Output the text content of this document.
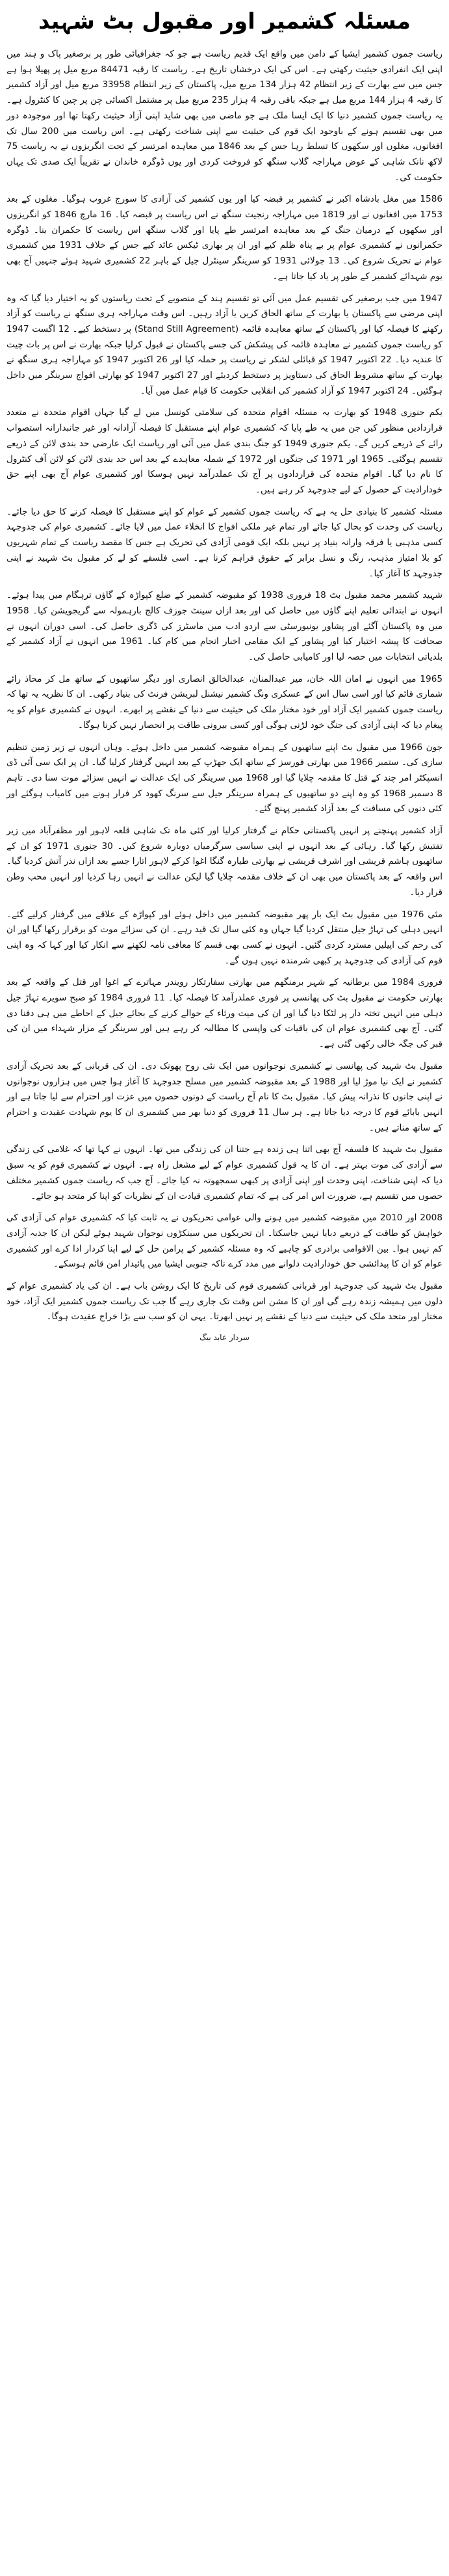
مسئلہ کشمیر اور مقبول بٹ شہید

ریاست جموں کشمیر ایشیا کے دامن میں واقع ایک قدیم ریاست ہے جو کہ جغرافیائی طور پر برصغیر پاک و ہند میں اپنی ایک انفرادی حیثیت رکھتی ہے۔ اس کی ایک درخشاں تاریخ ہے۔ ریاست کا رقبہ 84471 مربع میل پر پھیلا ہوا ہے جس میں سے بھارت کے زیر انتظام 42 ہزار 134 مربع میل، پاکستان کے زیر انتظام 33958 مربع میل اور آزاد کشمیر کا رقبہ 4 ہزار 144 مربع میل ہے جبکہ باقی رقبہ 4 ہزار 235 مربع میل پر مشتمل اکسائی چن پر چین کا کنٹرول ہے۔ یہ ریاست جموں کشمیر دنیا کا ایک ایسا ملک ہے جو ماضی میں بھی شاید اپنی آزاد حیثیت رکھتا تھا اور موجودہ دور میں بھی تقسیم ہونے کے باوجود ایک قوم کی حیثیت سے اپنی شناخت رکھتی ہے۔ اس ریاست میں 200 سال تک افغانوں، مغلوں اور سکھوں کا تسلط رہا جس کے بعد 1846 میں معاہدہ امرتسر کے تحت انگریزوں نے یہ ریاست 75 لاکھ نانک شاہی کے عوض مہاراجہ گلاب سنگھ کو فروخت کردی اور یوں ڈوگرہ خاندان نے تقریباً ایک صدی تک یہاں حکومت کی۔

1586 میں مغل بادشاہ اکبر نے کشمیر پر قبضہ کیا اور یوں کشمیر کی آزادی کا سورج غروب ہوگیا۔ مغلوں کے بعد 1753 میں افغانوں نے اور 1819 میں مہاراجہ رنجیت سنگھ نے اس ریاست پر قبضہ کیا۔ 16 مارچ 1846 کو انگریزوں اور سکھوں کے درمیان جنگ کے بعد معاہدہ امرتسر طے پایا اور گلاب سنگھ اس ریاست کا حکمران بنا۔ ڈوگرہ حکمرانوں نے کشمیری عوام پر بے پناہ ظلم کیے اور ان پر بھاری ٹیکس عائد کیے جس کے خلاف 1931 میں کشمیری عوام نے تحریک شروع کی۔ 13 جولائی 1931 کو سرینگر سینٹرل جیل کے باہر 22 کشمیری شہید ہوئے جنہیں آج بھی یوم شہدائے کشمیر کے طور پر یاد کیا جاتا ہے۔

1947 میں جب برصغیر کی تقسیم عمل میں آئی تو تقسیم ہند کے منصوبے کے تحت ریاستوں کو یہ اختیار دیا گیا کہ وہ اپنی مرضی سے پاکستان یا بھارت کے ساتھ الحاق کریں یا آزاد رہیں۔ اس وقت مہاراجہ ہری سنگھ نے ریاست کو آزاد رکھنے کا فیصلہ کیا اور پاکستان کے ساتھ معاہدہ قائمہ (Stand Still Agreement) پر دستخط کیے۔ 12 اگست 1947 کو ریاست جموں کشمیر نے معاہدہ قائمہ کی پیشکش کی جسے پاکستان نے قبول کرلیا جبکہ بھارت نے اس پر بات چیت کا عندیہ دیا۔ 22 اکتوبر 1947 کو قبائلی لشکر نے ریاست پر حملہ کیا اور 26 اکتوبر 1947 کو مہاراجہ ہری سنگھ نے بھارت کے ساتھ مشروط الحاق کی دستاویز پر دستخط کردیئے اور 27 اکتوبر 1947 کو بھارتی افواج سرینگر میں داخل ہوگئیں۔ 24 اکتوبر 1947 کو آزاد کشمیر کی انقلابی حکومت کا قیام عمل میں آیا۔

یکم جنوری 1948 کو بھارت یہ مسئلہ اقوام متحدہ کی سلامتی کونسل میں لے گیا جہاں اقوام متحدہ نے متعدد قراردادیں منظور کیں جن میں یہ طے پایا کہ کشمیری عوام اپنے مستقبل کا فیصلہ آزادانہ اور غیر جانبدارانہ استصواب رائے کے ذریعے کریں گے۔ یکم جنوری 1949 کو جنگ بندی عمل میں آئی اور ریاست ایک عارضی حد بندی لائن کے ذریعے تقسیم ہوگئی۔ 1965 اور 1971 کی جنگوں اور 1972 کے شملہ معاہدے کے بعد اس حد بندی لائن کو لائن آف کنٹرول کا نام دیا گیا۔ اقوام متحدہ کی قراردادوں پر آج تک عملدرآمد نہیں ہوسکا اور کشمیری عوام آج بھی اپنے حق خودارادیت کے حصول کے لیے جدوجہد کر رہے ہیں۔

مسئلہ کشمیر کا بنیادی حل یہ ہے کہ ریاست جموں کشمیر کے عوام کو اپنے مستقبل کا فیصلہ کرنے کا حق دیا جائے۔ ریاست کی وحدت کو بحال کیا جائے اور تمام غیر ملکی افواج کا انخلاء عمل میں لایا جائے۔ کشمیری عوام کی جدوجہد کسی مذہبی یا فرقہ وارانہ بنیاد پر نہیں بلکہ ایک قومی آزادی کی تحریک ہے جس کا مقصد ریاست کے تمام شہریوں کو بلا امتیاز مذہب، رنگ و نسل برابر کے حقوق فراہم کرنا ہے۔ اسی فلسفے کو لے کر مقبول بٹ شہید نے اپنی جدوجہد کا آغاز کیا۔

شہید کشمیر محمد مقبول بٹ 18 فروری 1938 کو مقبوضہ کشمیر کے ضلع کپواڑہ کے گاؤں ترہگام میں پیدا ہوئے۔ انہوں نے ابتدائی تعلیم اپنے گاؤں میں حاصل کی اور بعد ازاں سینٹ جوزف کالج بارہمولہ سے گریجویشن کیا۔ 1958 میں وہ پاکستان آگئے اور پشاور یونیورسٹی سے اردو ادب میں ماسٹرز کی ڈگری حاصل کی۔ اسی دوران انہوں نے صحافت کا پیشہ اختیار کیا اور پشاور کے ایک مقامی اخبار انجام میں کام کیا۔ 1961 میں انہوں نے آزاد کشمیر کے بلدیاتی انتخابات میں حصہ لیا اور کامیابی حاصل کی۔

1965 میں انہوں نے امان اللہ خان، میر عبدالمنان، عبدالخالق انصاری اور دیگر ساتھیوں کے ساتھ مل کر محاذ رائے شماری قائم کیا اور اسی سال اس کے عسکری ونگ کشمیر نیشنل لبریشن فرنٹ کی بنیاد رکھی۔ ان کا نظریہ یہ تھا کہ ریاست جموں کشمیر ایک آزاد اور خود مختار ملک کی حیثیت سے دنیا کے نقشے پر ابھرے۔ انہوں نے کشمیری عوام کو یہ پیغام دیا کہ اپنی آزادی کی جنگ خود لڑنی ہوگی اور کسی بیرونی طاقت پر انحصار نہیں کرنا ہوگا۔

جون 1966 میں مقبول بٹ اپنے ساتھیوں کے ہمراہ مقبوضہ کشمیر میں داخل ہوئے۔ وہاں انہوں نے زیر زمین تنظیم سازی کی۔ ستمبر 1966 میں بھارتی فورسز کے ساتھ ایک جھڑپ کے بعد انہیں گرفتار کرلیا گیا۔ ان پر ایک سی آئی ڈی انسپکٹر امر چند کے قتل کا مقدمہ چلایا گیا اور 1968 میں سرینگر کی ایک عدالت نے انہیں سزائے موت سنا دی۔ تاہم 8 دسمبر 1968 کو وہ اپنے دو ساتھیوں کے ہمراہ سرینگر جیل سے سرنگ کھود کر فرار ہونے میں کامیاب ہوگئے اور کئی دنوں کی مسافت کے بعد آزاد کشمیر پہنچ گئے۔

آزاد کشمیر پہنچنے پر انہیں پاکستانی حکام نے گرفتار کرلیا اور کئی ماہ تک شاہی قلعہ لاہور اور مظفرآباد میں زیر تفتیش رکھا گیا۔ رہائی کے بعد انہوں نے اپنی سیاسی سرگرمیاں دوبارہ شروع کیں۔ 30 جنوری 1971 کو ان کے ساتھیوں ہاشم قریشی اور اشرف قریشی نے بھارتی طیارہ گنگا اغوا کرکے لاہور اتارا جسے بعد ازاں نذر آتش کردیا گیا۔ اس واقعہ کے بعد پاکستان میں بھی ان کے خلاف مقدمہ چلایا گیا لیکن عدالت نے انہیں رہا کردیا اور انہیں محب وطن قرار دیا۔

مئی 1976 میں مقبول بٹ ایک بار پھر مقبوضہ کشمیر میں داخل ہوئے اور کپواڑہ کے علاقے میں گرفتار کرلیے گئے۔ انہیں دہلی کی تہاڑ جیل منتقل کردیا گیا جہاں وہ کئی سال تک قید رہے۔ ان کی سزائے موت کو برقرار رکھا گیا اور ان کی رحم کی اپیلیں مسترد کردی گئیں۔ انہوں نے کسی بھی قسم کا معافی نامہ لکھنے سے انکار کیا اور کہا کہ وہ اپنی قوم کی آزادی کی جدوجہد پر کبھی شرمندہ نہیں ہوں گے۔

فروری 1984 میں برطانیہ کے شہر برمنگھم میں بھارتی سفارتکار رویندر مہاترے کے اغوا اور قتل کے واقعہ کے بعد بھارتی حکومت نے مقبول بٹ کی پھانسی پر فوری عملدرآمد کا فیصلہ کیا۔ 11 فروری 1984 کو صبح سویرے تہاڑ جیل دہلی میں انہیں تختہ دار پر لٹکا دیا گیا اور ان کی میت ورثاء کے حوالے کرنے کے بجائے جیل کے احاطے میں ہی دفنا دی گئی۔ آج بھی کشمیری عوام ان کی باقیات کی واپسی کا مطالبہ کر رہے ہیں اور سرینگر کے مزار شہداء میں ان کی قبر کی جگہ خالی رکھی گئی ہے۔

مقبول بٹ شہید کی پھانسی نے کشمیری نوجوانوں میں ایک نئی روح پھونک دی۔ ان کی قربانی کے بعد تحریک آزادی کشمیر نے ایک نیا موڑ لیا اور 1988 کے بعد مقبوضہ کشمیر میں مسلح جدوجہد کا آغاز ہوا جس میں ہزاروں نوجوانوں نے اپنی جانوں کا نذرانہ پیش کیا۔ مقبول بٹ کا نام آج ریاست کے دونوں حصوں میں عزت اور احترام سے لیا جاتا ہے اور انہیں بابائے قوم کا درجہ دیا جاتا ہے۔ ہر سال 11 فروری کو دنیا بھر میں کشمیری ان کا یوم شہادت عقیدت و احترام کے ساتھ مناتے ہیں۔

مقبول بٹ شہید کا فلسفہ آج بھی اتنا ہی زندہ ہے جتنا ان کی زندگی میں تھا۔ انہوں نے کہا تھا کہ غلامی کی زندگی سے آزادی کی موت بہتر ہے۔ ان کا یہ قول کشمیری عوام کے لیے مشعل راہ ہے۔ انہوں نے کشمیری قوم کو یہ سبق دیا کہ اپنی شناخت، اپنی وحدت اور اپنی آزادی پر کبھی سمجھوتہ نہ کیا جائے۔ آج جب کہ ریاست جموں کشمیر مختلف حصوں میں تقسیم ہے، ضرورت اس امر کی ہے کہ تمام کشمیری قیادت ان کے نظریات کو اپنا کر متحد ہو جائے۔

2008 اور 2010 میں مقبوضہ کشمیر میں ہونے والی عوامی تحریکوں نے یہ ثابت کیا کہ کشمیری عوام کی آزادی کی خواہش کو طاقت کے ذریعے دبایا نہیں جاسکتا۔ ان تحریکوں میں سینکڑوں نوجوان شہید ہوئے لیکن ان کا جذبہ آزادی کم نہیں ہوا۔ بین الاقوامی برادری کو چاہیے کہ وہ مسئلہ کشمیر کے پرامن حل کے لیے اپنا کردار ادا کرے اور کشمیری عوام کو ان کا پیدائشی حق خودارادیت دلوانے میں مدد کرے تاکہ جنوبی ایشیا میں پائیدار امن قائم ہوسکے۔

مقبول بٹ شہید کی جدوجہد اور قربانی کشمیری قوم کی تاریخ کا ایک روشن باب ہے۔ ان کی یاد کشمیری عوام کے دلوں میں ہمیشہ زندہ رہے گی اور ان کا مشن اس وقت تک جاری رہے گا جب تک ریاست جموں کشمیر ایک آزاد، خود مختار اور متحد ملک کی حیثیت سے دنیا کے نقشے پر نہیں ابھرتا۔ یہی ان کو سب سے بڑا خراج عقیدت ہوگا۔

سردار عابد بیگ
